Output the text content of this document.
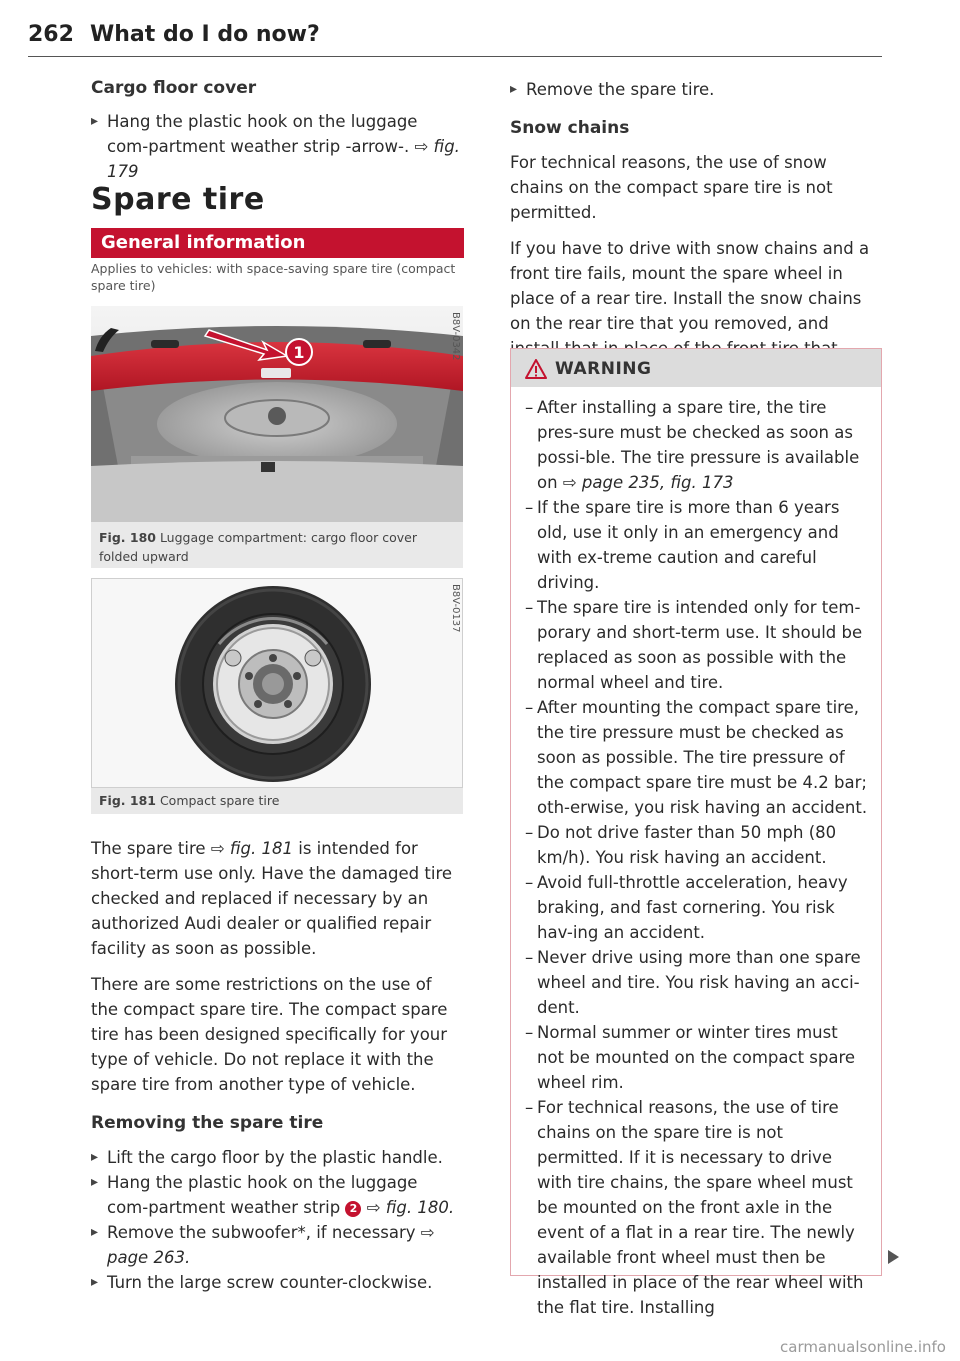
262 What do I do now?

Cargo floor cover

▸ Hang the plastic hook on the luggage com-partment weather strip -arrow-. ⇨ fig. 179

Spare tire
General information
Applies to vehicles: with space-saving spare tire (compact spare tire)
1	B8V-0342
Fig. 180 Luggage compartment: cargo floor cover folded upward
B8V-0137
Fig. 181 Compact spare tire

The spare tire ⇨ fig. 181 is intended for short-term use only. Have the damaged tire checked and replaced if necessary by an authorized Audi dealer or qualified repair facility as soon as possible.

There are some restrictions on the use of the compact spare tire. The compact spare tire has been designed specifically for your type of vehicle. Do not replace it with the spare tire from another type of vehicle.

Removing the spare tire

▸ Lift the cargo floor by the plastic handle.

▸ Hang the plastic hook on the luggage com-partment weather strip 2 ⇨ fig. 180.

▸ Remove the subwoofer*, if necessary ⇨ page 263.

▸ Turn the large screw counter-clockwise.

▸ Remove the spare tire.

Snow chains

For technical reasons, the use of snow chains on the compact spare tire is not permitted.

If you have to drive with snow chains and a front tire fails, mount the spare wheel in place of a rear tire. Install the snow chains on the rear tire that you removed, and

WARNING

– After installing a spare tire, the tire pres-sure must be checked as soon as possi-ble. The tire pressure is available on ⇨ page 235, fig. 173

– If the spare tire is more than 6 years old, use it only in an emergency and with ex-treme caution and careful driving.

– The spare tire is intended only for tem-porary and short-term use. It should be replaced as soon as possible with the normal wheel and tire.

– After mounting the compact spare tire, the tire pressure must be checked as soon as possible. The tire pressure of the compact spare tire must be 4.2 bar; oth-erwise, you risk having an accident.

– Do not drive faster than 50 mph (80 km/h). You risk having an accident.

– Avoid full-throttle acceleration, heavy braking, and fast cornering. You risk hav-ing an accident.

– Never drive using more than one spare wheel and tire. You risk having an acci-dent.

– Normal summer or winter tires must not be mounted on the compact spare wheel rim.

– For technical reasons, the use of tire chains on the spare tire is not permitted. If it is necessary to drive with tire chains, the spare wheel must be mounted on the front axle in the event of a flat in a rear tire. The newly available front wheel must then be installed in place of the rear wheel with the flat tire. Installing

carmanualsonline.info
